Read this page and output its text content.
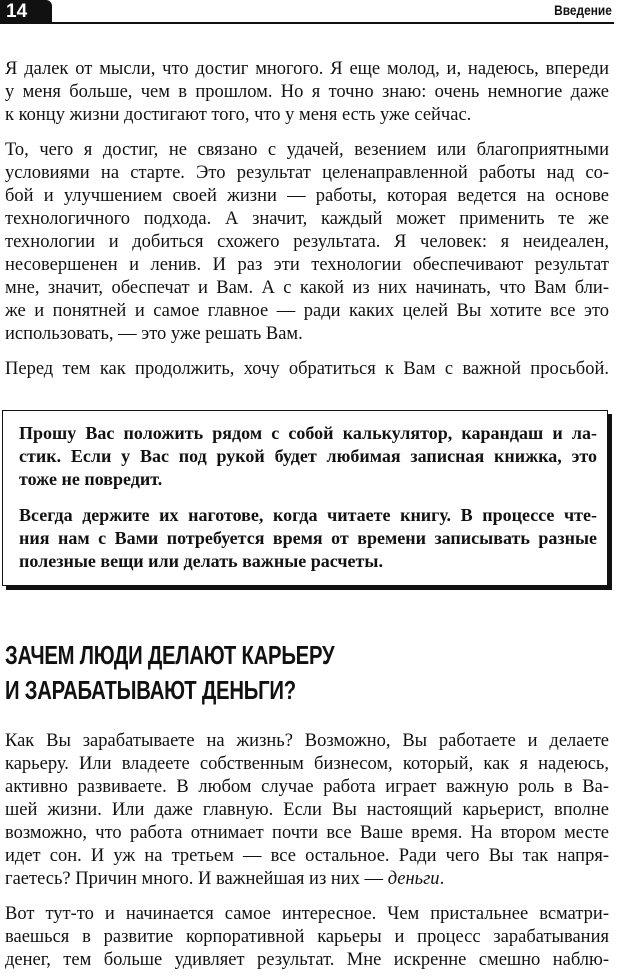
14	Введение
Я далек от мысли, что достиг многого. Я еще молод, и, надеюсь, впереди
у меня больше, чем в прошлом. Но я точно знаю: очень немногие даже
к концу жизни достигают того, что у меня есть уже сейчас.
То, чего я достиг, не связано с удачей, везением или благоприятными
условиями на старте. Это результат целенаправленной работы над со-
бой и улучшением своей жизни — работы, которая ведется на основе
технологичного подхода. А значит, каждый может применить те же
технологии и добиться схожего результата. Я человек: я неидеален,
несовершенен и ленив. И раз эти технологии обеспечивают результат
мне, значит, обеспечат и Вам. А с какой из них начинать, что Вам бли-
же и понятней и самое главное — ради каких целей Вы хотите все это
использовать, — это уже решать Вам.
Перед тем как продолжить, хочу обратиться к Вам с важной просьбой.
Прошу Вас положить рядом с собой калькулятор, карандаш и ла-
стик. Если у Вас под рукой будет любимая записная книжка, это
тоже не повредит.
Всегда держите их наготове, когда читаете книгу. В процессе чте-
ния нам с Вами потребуется время от времени записывать разные
полезные вещи или делать важные расчеты.
ЗАЧЕМ ЛЮДИ ДЕЛАЮТ КАРЬЕРУ
И ЗАРАБАТЫВАЮТ ДЕНЬГИ?
Как Вы зарабатываете на жизнь? Возможно, Вы работаете и делаете
карьеру. Или владеете собственным бизнесом, который, как я надеюсь,
активно развиваете. В любом случае работа играет важную роль в Ва-
шей жизни. Или даже главную. Если Вы настоящий карьерист, вполне
возможно, что работа отнимает почти все Ваше время. На втором месте
идет сон. И уж на третьем — все остальное. Ради чего Вы так напря-
гаетесь? Причин много. И важнейшая из них — деньги.
Вот тут-то и начинается самое интересное. Чем пристальнее всматри-
ваешься в развитие корпоративной карьеры и процесс зарабатывания
денег, тем больше удивляет результат. Мне искренне смешно наблю-
